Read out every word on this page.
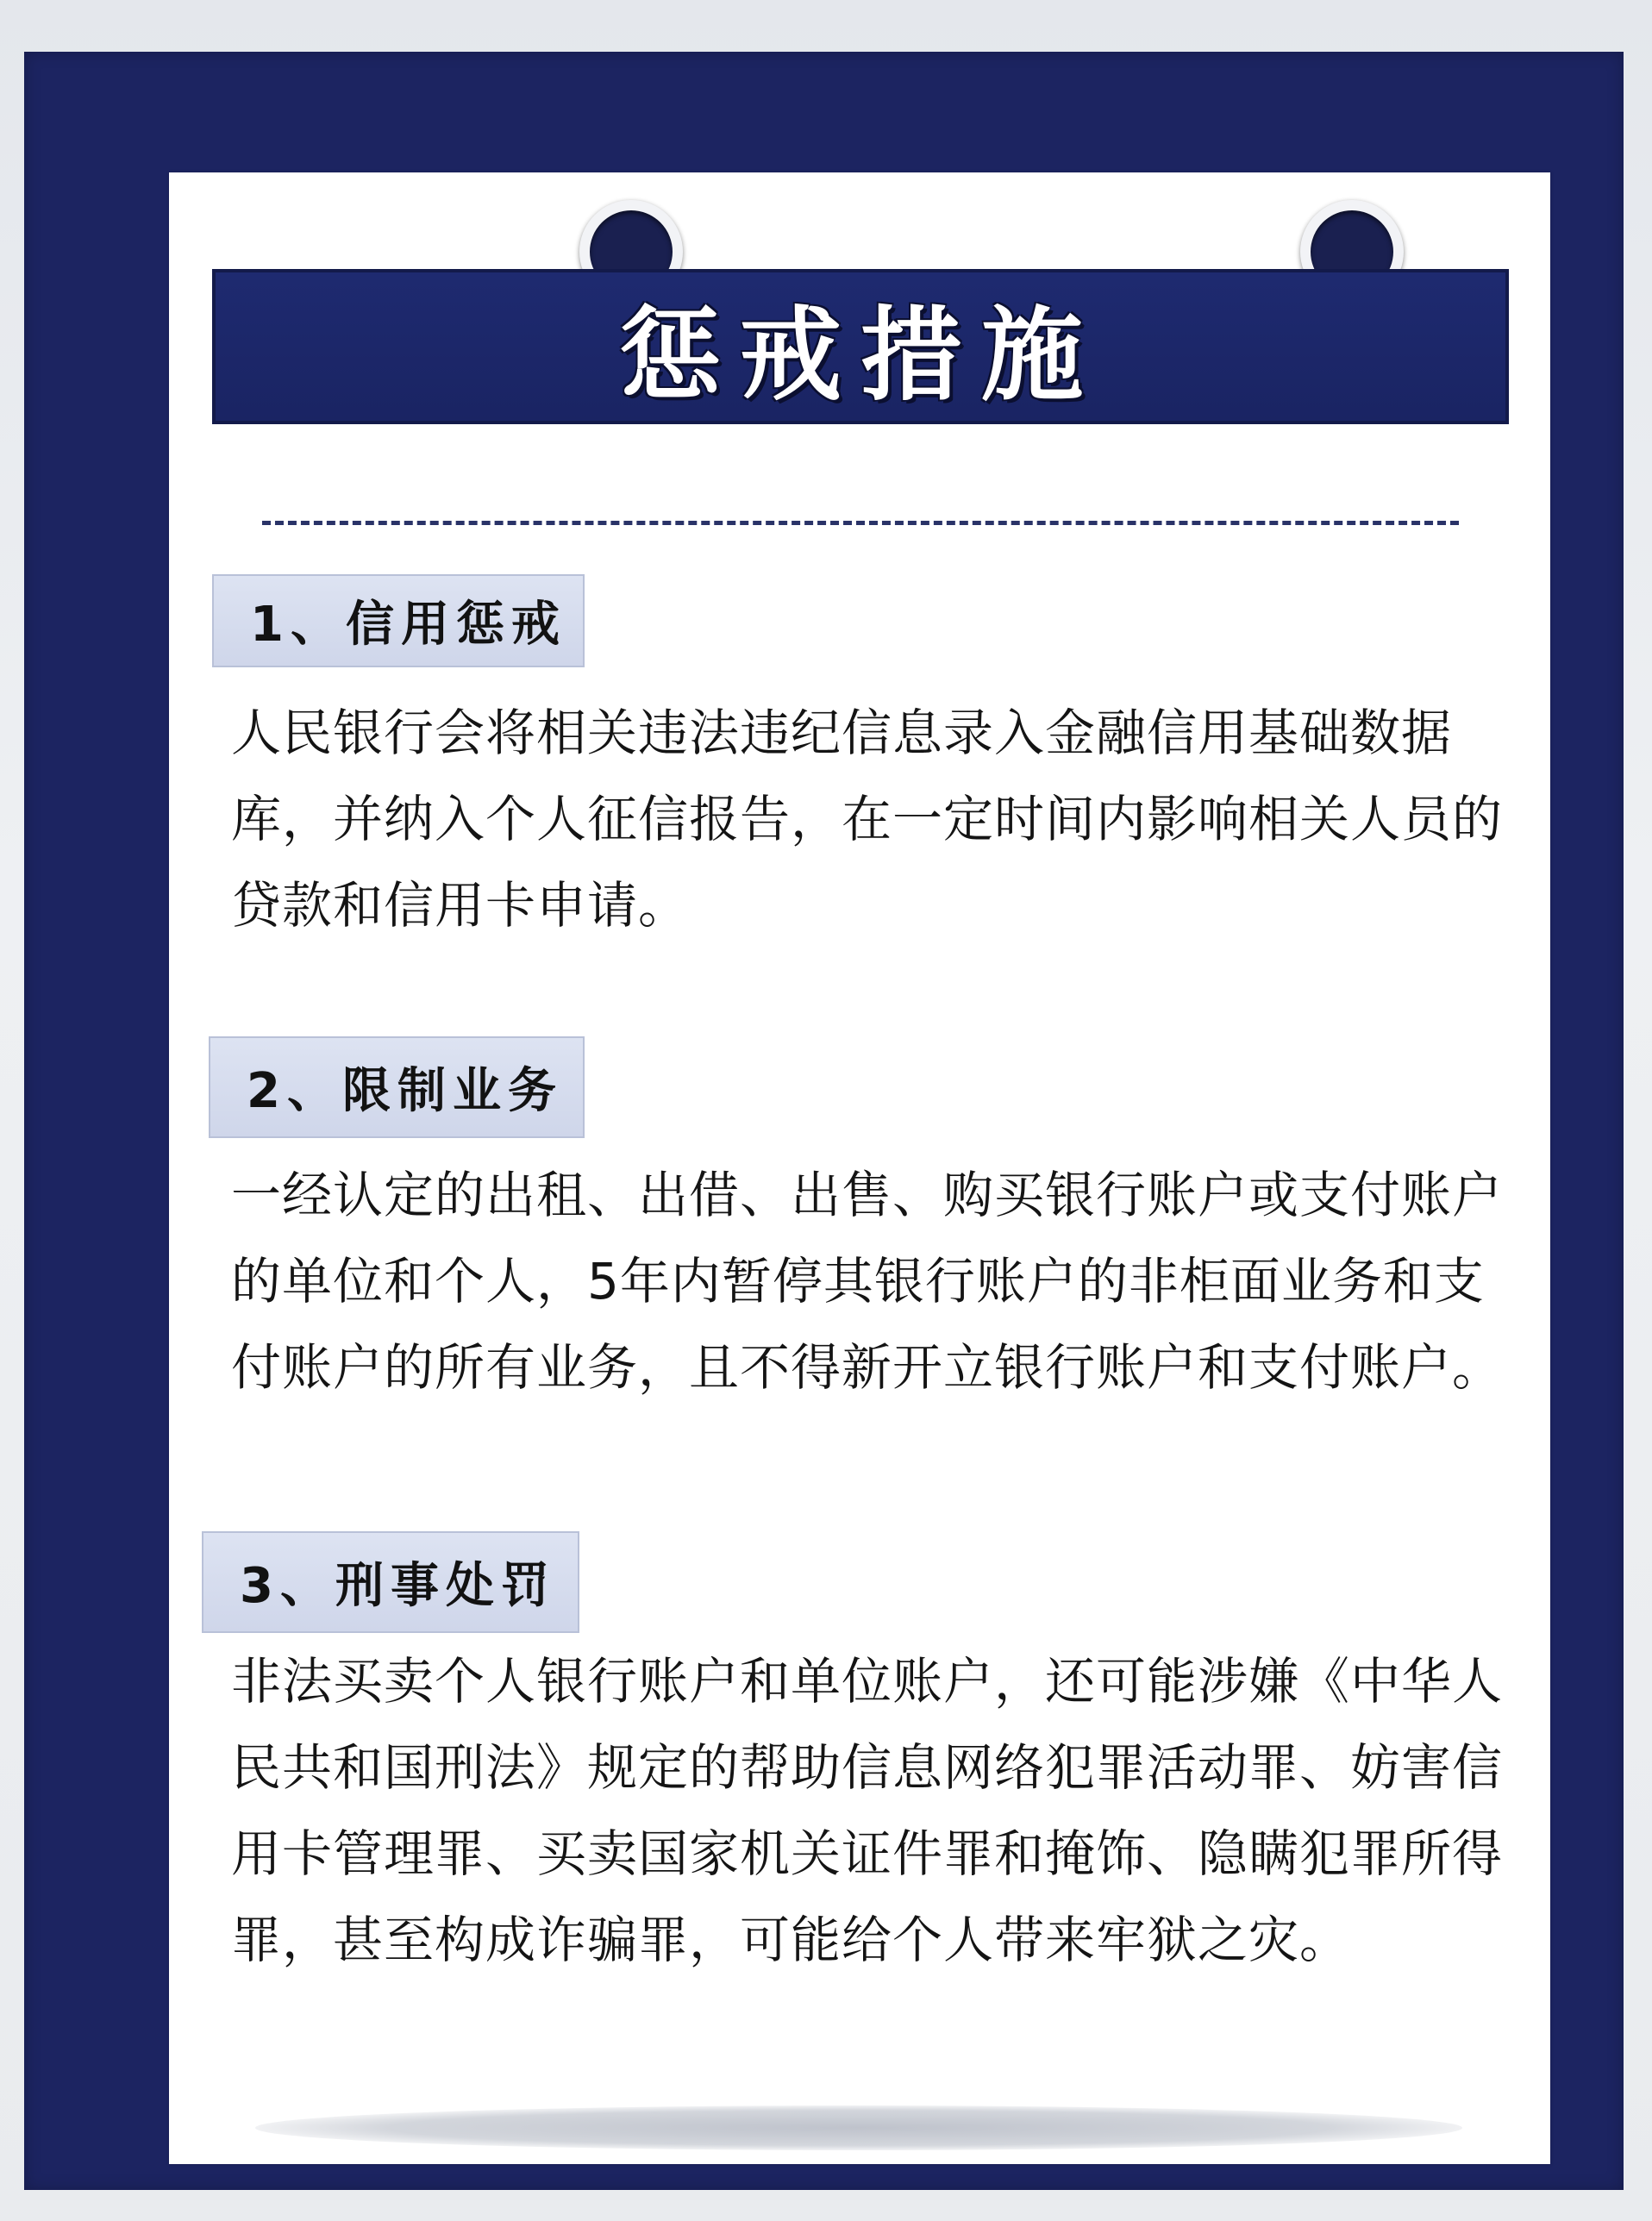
惩戒措施
1、信用惩戒

人民银行会将相关违法违纪信息录入金融信用基础数据库，并纳入个人征信报告，在一定时间内影响相关人员的贷款和信用卡申请。

2、限制业务

一经认定的出租、出借、出售、购买银行账户或支付账户的单位和个人，5年内暂停其银行账户的非柜面业务和支付账户的所有业务，且不得新开立银行账户和支付账户。

3、刑事处罚

非法买卖个人银行账户和单位账户，还可能涉嫌《中华人民共和国刑法》规定的帮助信息网络犯罪活动罪、妨害信用卡管理罪、买卖国家机关证件罪和掩饰、隐瞒犯罪所得罪，甚至构成诈骗罪，可能给个人带来牢狱之灾。
